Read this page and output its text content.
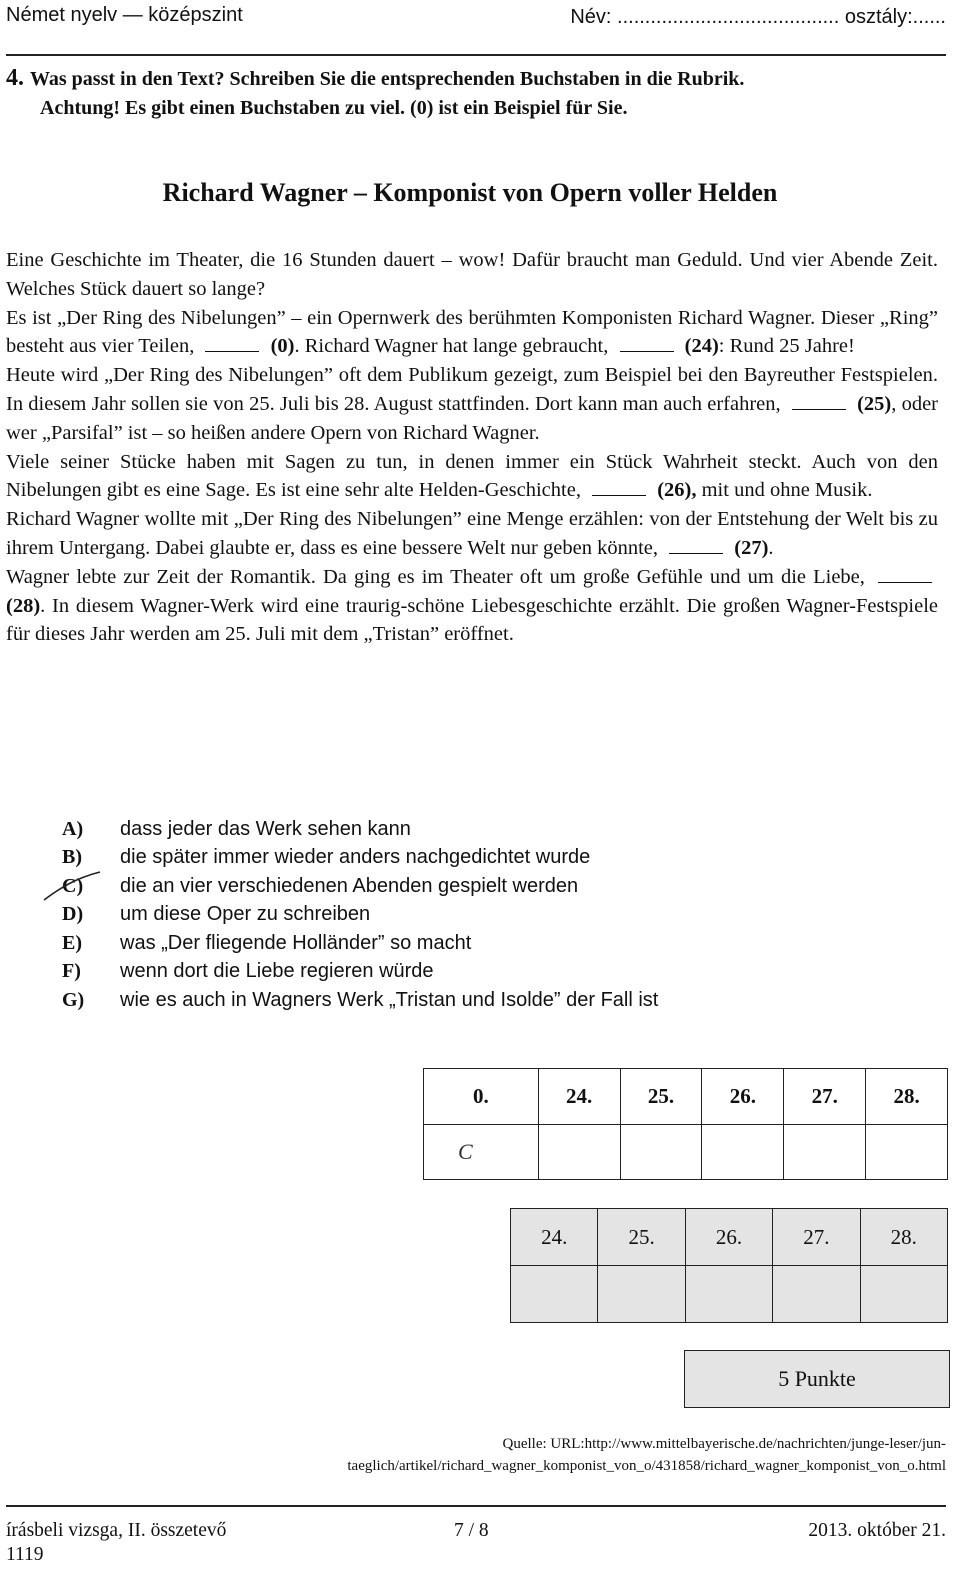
Német nyelv — középszint	Név: ........................................ osztály:......
4. Was passt in den Text? Schreiben Sie die entsprechenden Buchstaben in die Rubrik.
Achtung! Es gibt einen Buchstaben zu viel. (0) ist ein Beispiel für Sie.
Richard Wagner – Komponist von Opern voller Helden

Eine Geschichte im Theater, die 16 Stunden dauert – wow! Dafür braucht man Geduld. Und vier Abende Zeit. Welches Stück dauert so lange?

Es ist „Der Ring des Nibelungen” – ein Opernwerk des berühmten Komponisten Richard Wagner. Dieser „Ring” besteht aus vier Teilen,	(0). Richard Wagner hat lange gebraucht,	(24): Rund 25 Jahre!

Heute wird „Der Ring des Nibelungen” oft dem Publikum gezeigt, zum Beispiel bei den Bayreuther Festspielen. In diesem Jahr sollen sie von 25. Juli bis 28. August stattfinden. Dort kann man auch erfahren,	(25), oder wer „Parsifal” ist – so heißen andere Opern von Richard Wagner.

Viele seiner Stücke haben mit Sagen zu tun, in denen immer ein Stück Wahrheit steckt. Auch von den Nibelungen gibt es eine Sage. Es ist eine sehr alte Helden-Geschichte,	(26), mit und ohne Musik.

Richard Wagner wollte mit „Der Ring des Nibelungen” eine Menge erzählen: von der Entstehung der Welt bis zu ihrem Untergang. Dabei glaubte er, dass es eine bessere Welt nur geben könnte,	(27).

Wagner lebte zur Zeit der Romantik. Da ging es im Theater oft um große Gefühle und um die Liebe,  (28). In diesem Wagner-Werk wird eine traurig-schöne Liebesgeschichte erzählt. Die großen Wagner-Festspiele für dieses Jahr werden am 25. Juli mit dem „Tristan” eröffnet.

A)	dass jeder das Werk sehen kann
B)	die später immer wieder anders nachgedichtet wurde
C)	die an vier verschiedenen Abenden gespielt werden
D)	um diese Oper zu schreiben
E)	was „Der fliegende Holländer” so macht
F)	wenn dort die Liebe regieren würde
G)	wie es auch in Wagners Werk „Tristan und Isolde” der Fall ist
0.	24.	25.	26.	27.	28.
C					
24.	25.	26.	27.	28.

5 Punkte
Quelle: URL:http://www.mittelbayerische.de/nachrichten/junge-leser/jun-
taeglich/artikel/richard_wagner_komponist_von_o/431858/richard_wagner_komponist_von_o.html
írásbeli vizsga, II. összetevő	7 / 8	2013. október 21.
1119
